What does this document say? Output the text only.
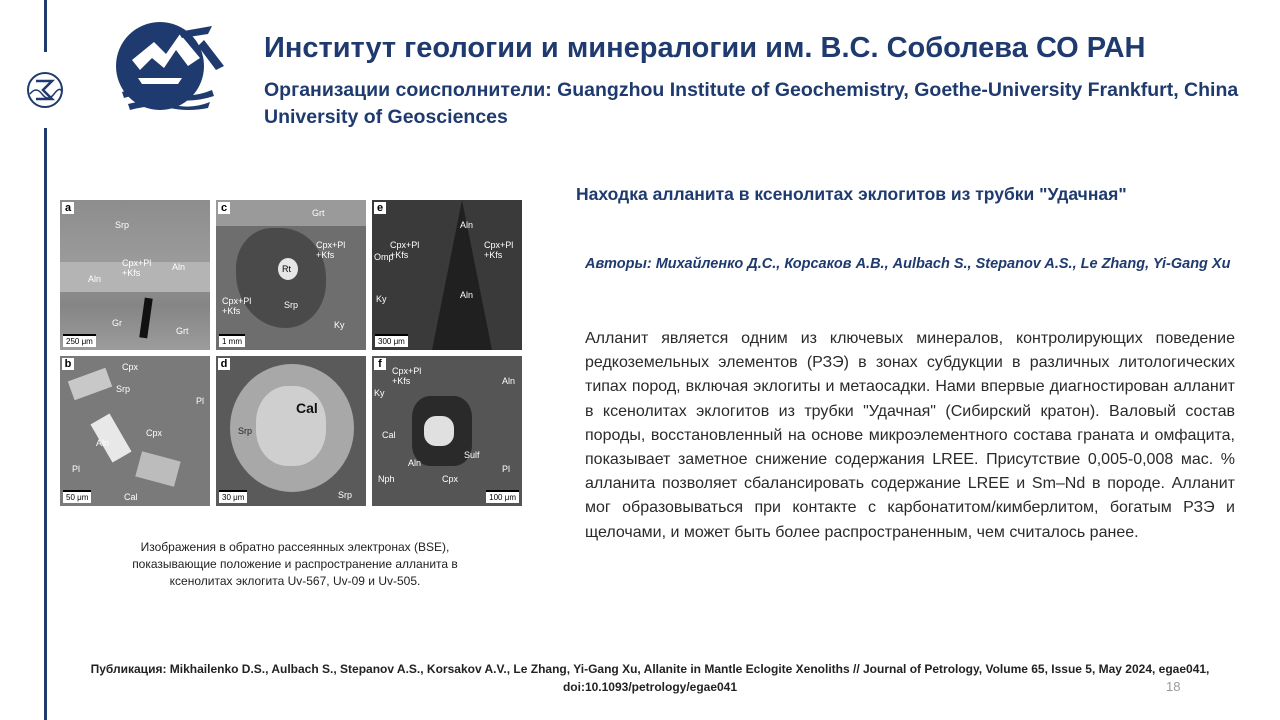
Институт геологии и минералогии им. В.С. Соболева СО РАН
Организации соисполнители: Guangzhou Institute of Geochemistry, Goethe-University Frankfurt, China University of Geosciences
a
Srp
Cpx+Pl +Kfs
Aln
Aln
Gr
Grt
250 μm
c	Grt
Cpx+Pl +Kfs
Cpx+Pl +Kfs
Rt
Srp
Ky
1 mm
e
Aln
Omp
Cpx+Pl +Kfs
Cpx+Pl +Kfs
Aln
Ky
300 μm
b	Cpx
Srp
Pl
Aln
Pl
Cpx
Cal
50 μm
d
Cal
Srp
Srp
30 μm
f
Ky
Cpx+Pl +Kfs	Aln
Cal
Sulf
Aln
Nph	Cpx
Pl
100 μm
Изображения в обратно рассеянных электронах (BSE), показывающие положение и распространение алланита в ксенолитах эклогита Uv-567, Uv-09 и Uv-505.
Находка алланита в ксенолитах эклогитов из трубки "Удачная"
Авторы: Михайленко Д.С., Корсаков А.В., Aulbach S., Stepanov A.S., Le Zhang, Yi-Gang Xu
Алланит является одним из ключевых минералов, контролирующих поведение редкоземельных элементов (РЗЭ) в зонах субдукции в различных литологических типах пород, включая эклогиты и метаосадки. Нами впервые диагностирован алланит в ксенолитах эклогитов из трубки "Удачная" (Сибирский кратон). Валовый состав породы, восстановленный на основе микроэлементного состава граната и омфацита, показывает заметное снижение содержания LREE. Присутствие 0,005-0,008 мас. % алланита позволяет сбалансировать содержание LREE и Sm–Nd в породе. Алланит мог образовываться при контакте с карбонатитом/кимберлитом, богатым РЗЭ и щелочами, и может быть более распространенным, чем считалось ранее.
Публикация: Mikhailenko D.S., Aulbach S., Stepanov A.S., Korsakov A.V., Le Zhang, Yi-Gang Xu, Allanite in Mantle Eclogite Xenoliths // Journal of Petrology, Volume 65, Issue 5, May 2024, egae041, doi:10.1093/petrology/egae041	18
